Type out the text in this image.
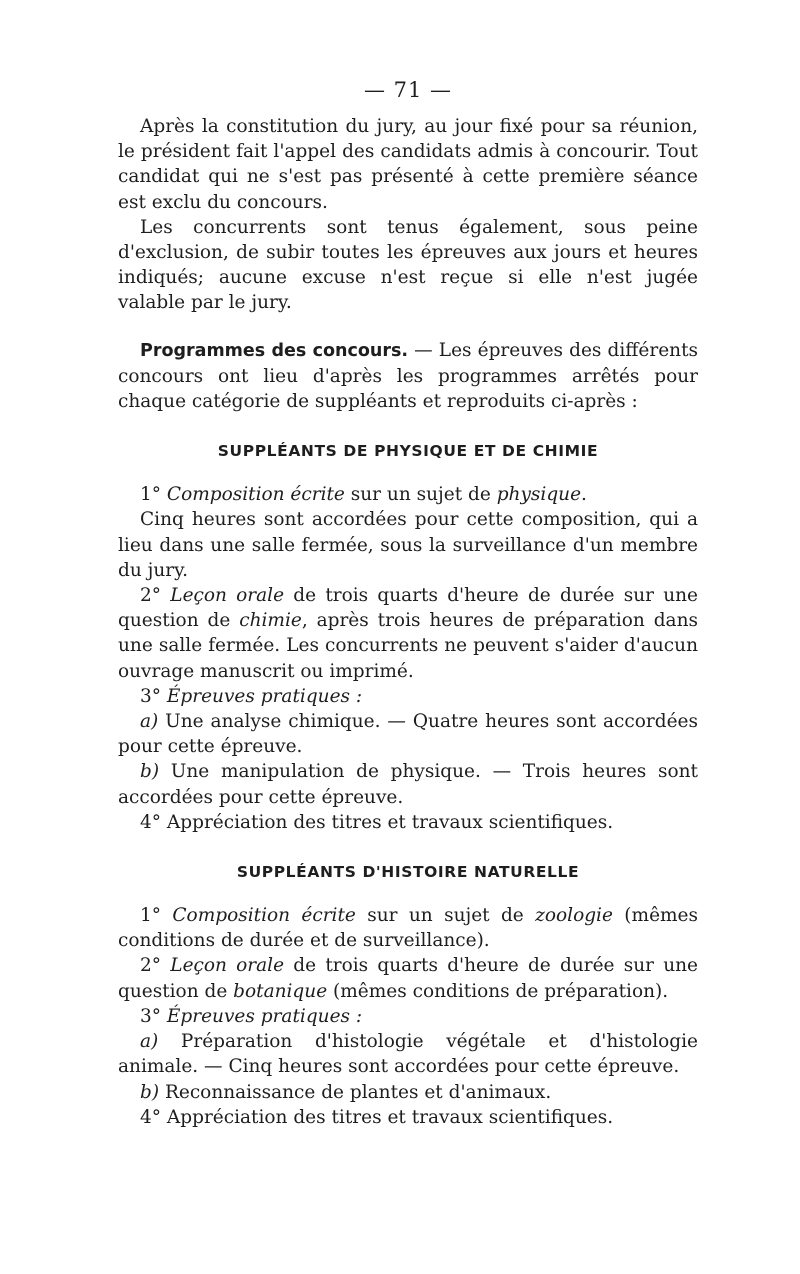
— 71 —

Après la constitution du jury, au jour fixé pour sa réunion, le président fait l'appel des candidats admis à concourir. Tout candidat qui ne s'est pas présenté à cette première séance est exclu du concours.

Les concurrents sont tenus également, sous peine d'exclusion, de subir toutes les épreuves aux jours et heures indiqués; aucune excuse n'est reçue si elle n'est jugée valable par le jury.

Programmes des concours. — Les épreuves des différents concours ont lieu d'après les programmes arrêtés pour chaque catégorie de suppléants et reproduits ci-après :

SUPPLÉANTS DE PHYSIQUE ET DE CHIMIE

1° Composition écrite sur un sujet de physique.

Cinq heures sont accordées pour cette composition, qui a lieu dans une salle fermée, sous la surveillance d'un membre du jury.

2° Leçon orale de trois quarts d'heure de durée sur une question de chimie, après trois heures de préparation dans une salle fermée. Les concurrents ne peuvent s'aider d'aucun ouvrage manuscrit ou imprimé.

3° Épreuves pratiques :

a) Une analyse chimique. — Quatre heures sont accordées pour cette épreuve.

b) Une manipulation de physique. — Trois heures sont accordées pour cette épreuve.

4° Appréciation des titres et travaux scientifiques.

SUPPLÉANTS D'HISTOIRE NATURELLE

1° Composition écrite sur un sujet de zoologie (mêmes conditions de durée et de surveillance).

2° Leçon orale de trois quarts d'heure de durée sur une question de botanique (mêmes conditions de préparation).

3° Épreuves pratiques :

a) Préparation d'histologie végétale et d'histologie animale. — Cinq heures sont accordées pour cette épreuve.

b) Reconnaissance de plantes et d'animaux.

4° Appréciation des titres et travaux scientifiques.
